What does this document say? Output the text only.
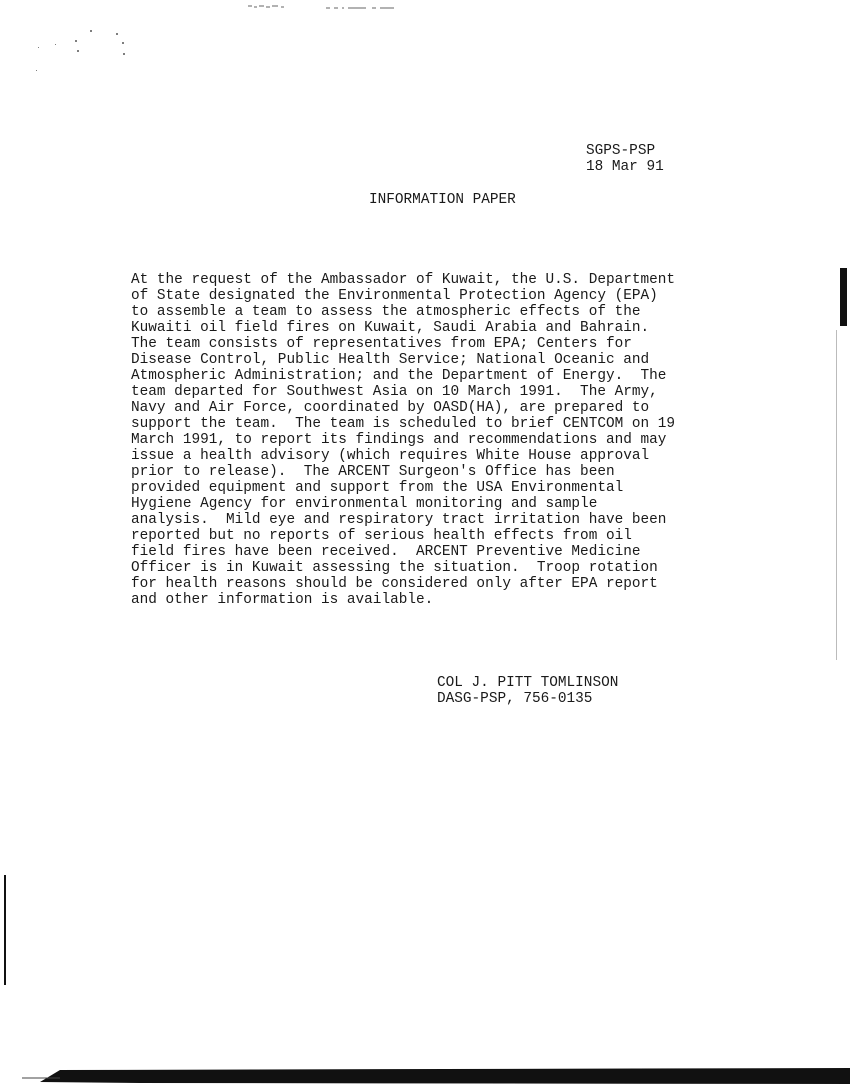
SGPS-PSP
18 Mar 91
INFORMATION PAPER
At the request of the Ambassador of Kuwait, the U.S. Department
of State designated the Environmental Protection Agency (EPA)
to assemble a team to assess the atmospheric effects of the
Kuwaiti oil field fires on Kuwait, Saudi Arabia and Bahrain.
The team consists of representatives from EPA; Centers for
Disease Control, Public Health Service; National Oceanic and
Atmospheric Administration; and the Department of Energy.  The
team departed for Southwest Asia on 10 March 1991.  The Army,
Navy and Air Force, coordinated by OASD(HA), are prepared to
support the team.  The team is scheduled to brief CENTCOM on 19
March 1991, to report its findings and recommendations and may
issue a health advisory (which requires White House approval
prior to release).  The ARCENT Surgeon's Office has been
provided equipment and support from the USA Environmental
Hygiene Agency for environmental monitoring and sample
analysis.  Mild eye and respiratory tract irritation have been
reported but no reports of serious health effects from oil
field fires have been received.  ARCENT Preventive Medicine
Officer is in Kuwait assessing the situation.  Troop rotation
for health reasons should be considered only after EPA report
and other information is available.
COL J. PITT TOMLINSON
DASG-PSP, 756-0135
